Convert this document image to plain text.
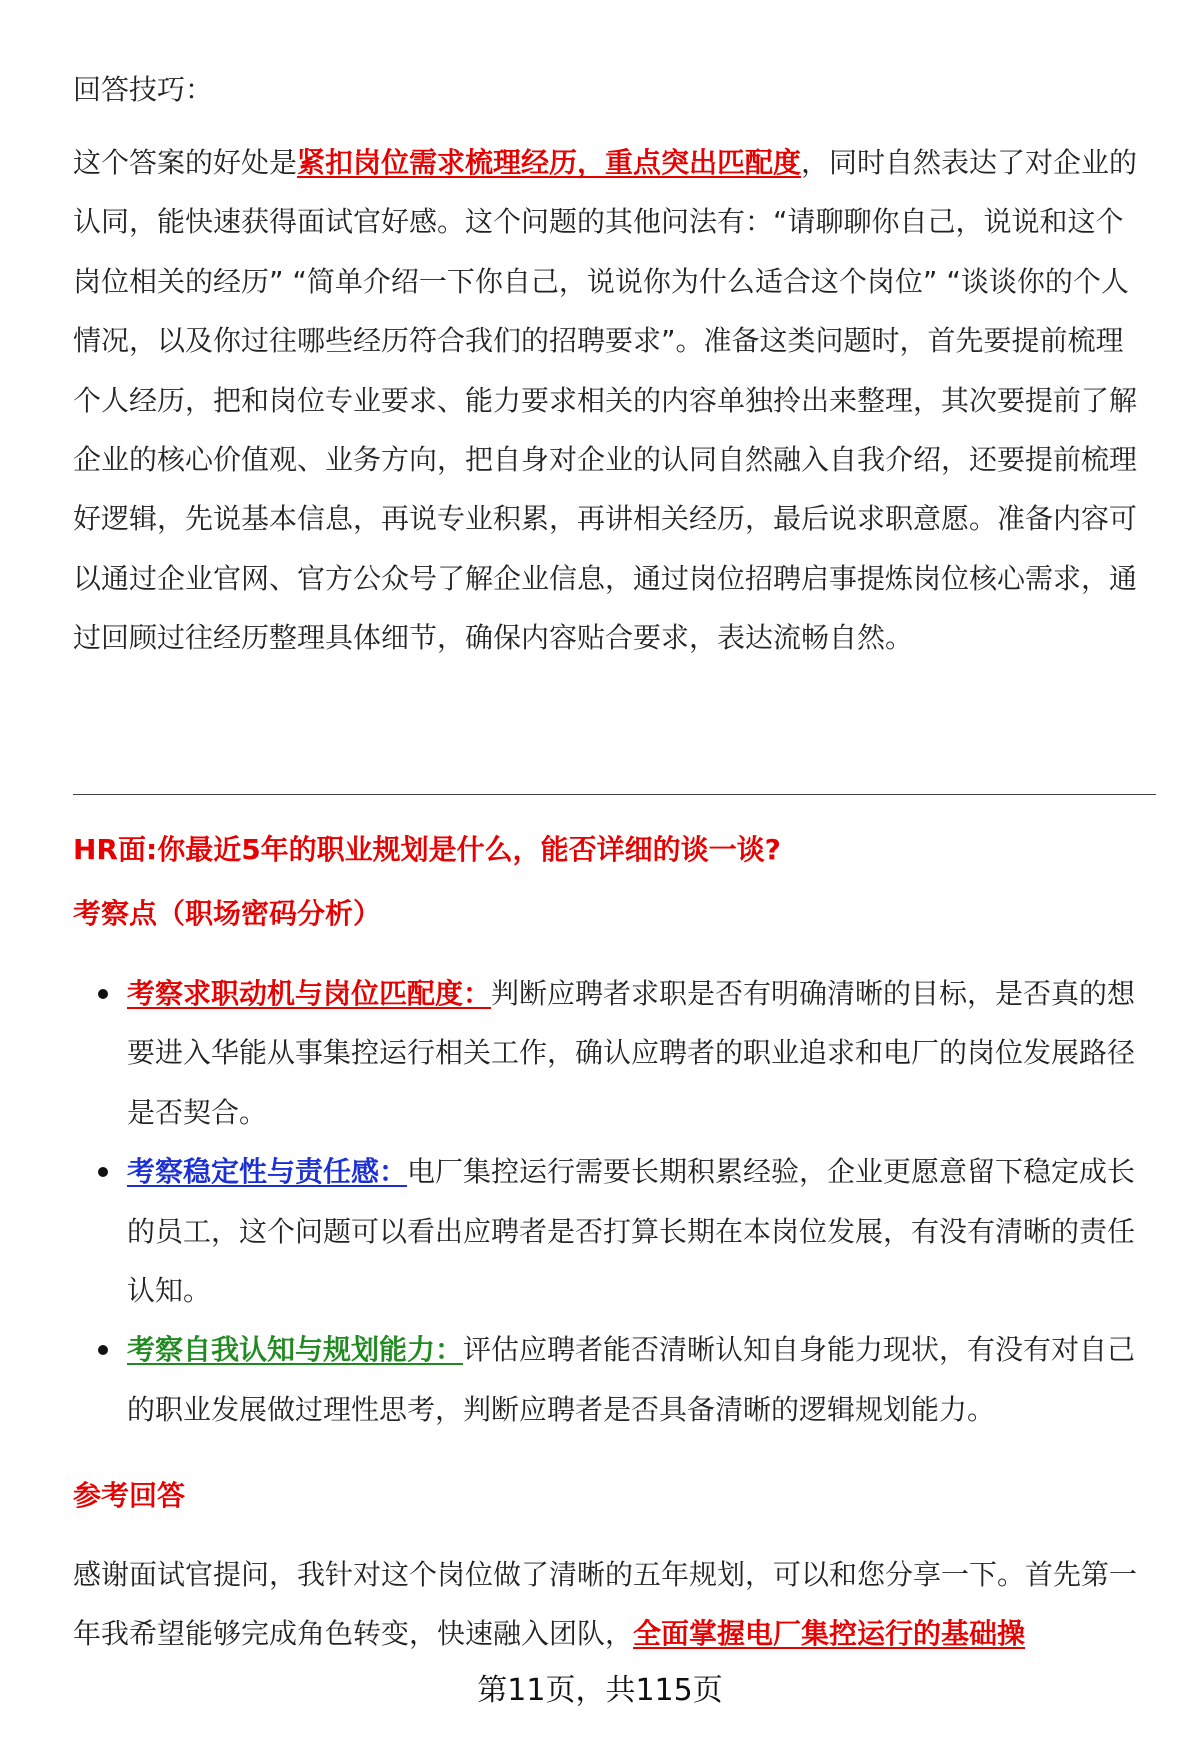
回答技巧：

这个答案的好处是紧扣岗位需求梳理经历，重点突出匹配度，同时自然表达了对企业的认同，能快速获得面试官好感。这个问题的其他问法有：“请聊聊你自己，说说和这个岗位相关的经历” “简单介绍一下你自己，说说你为什么适合这个岗位” “谈谈你的个人情况，以及你过往哪些经历符合我们的招聘要求”。准备这类问题时，首先要提前梳理个人经历，把和岗位专业要求、能力要求相关的内容单独拎出来整理，其次要提前了解企业的核心价值观、业务方向，把自身对企业的认同自然融入自我介绍，还要提前梳理好逻辑，先说基本信息，再说专业积累，再讲相关经历，最后说求职意愿。准备内容可以通过企业官网、官方公众号了解企业信息，通过岗位招聘启事提炼岗位核心需求，通过回顾过往经历整理具体细节，确保内容贴合要求，表达流畅自然。

HR面:你最近5年的职业规划是什么，能否详细的谈一谈?

考察点（职场密码分析）

考察求职动机与岗位匹配度：判断应聘者求职是否有明确清晰的目标，是否真的想要进入华能从事集控运行相关工作，确认应聘者的职业追求和电厂的岗位发展路径是否契合。
考察稳定性与责任感：电厂集控运行需要长期积累经验，企业更愿意留下稳定成长的员工，这个问题可以看出应聘者是否打算长期在本岗位发展，有没有清晰的责任认知。
考察自我认知与规划能力：评估应聘者能否清晰认知自身能力现状，有没有对自己的职业发展做过理性思考，判断应聘者是否具备清晰的逻辑规划能力。

参考回答

感谢面试官提问，我针对这个岗位做了清晰的五年规划，可以和您分享一下。首先第一年我希望能够完成角色转变，快速融入团队，全面掌握电厂集控运行的基础操

第11页，共115页
